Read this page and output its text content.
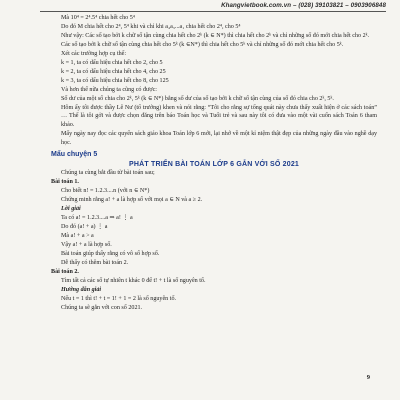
Khangvietbook.com.vn – (028) 39103821 – 0903906848
Mà 10⁴ = 2⁴.5⁴ chia hết cho 5⁴
Do đó M chia hết cho 2⁴, 5⁴ khi và chỉ khi a₄a₃...a₁ chia hết cho 2⁴, cho 5⁴
Như vậy: Các số tạo bởi k chữ số tận cùng chia hết cho 2ᵏ (k ∈ N*) thì chia hết cho 2ᵏ và chỉ những số đó mới chia hết cho 2ᵏ.
Các số tạo bởi k chữ số tận cùng chia hết cho 5ᵏ (k ∈N*) thì chia hết cho 5ᵏ và chỉ những số đó mới chia hết cho 5ᵏ.
Xét các trường hợp cụ thể:
k = 1, ta có dấu hiệu chia hết cho 2, cho 5
k = 2, ta có dấu hiệu chia hết cho 4, cho 25
k = 3, ta có dấu hiệu chia hết cho 8, cho 125
Và hơn thế nữa chúng ta cũng có được:
Số dư của một số chia cho 2ᵏ, 5ᵏ (k ∈ N*) bằng số dư của số tạo bởi k chữ số tận cùng của số đó chia cho 2ᵏ, 5ᵏ.
Hôm ấy tôi được thầy Lê Nư (tổ trưởng) khen và nói rằng: “Tôi cho rằng sự tổng quát này chưa thấy xuất hiện ở các sách toán” … Thế là tôi gởi và được chọn đăng trên báo Toán học và Tuổi trẻ và sau này tôi có đưa vào một vài cuốn sách Toán 6 tham khảo.
Mấy ngày nay đọc các quyển sách giáo khoa Toán lớp 6 mới, lại nhớ về một kỉ niệm thật đẹp của những ngày đầu vào nghề dạy học.
Mẩu chuyện 5
PHÁT TRIỂN BÀI TOÁN LỚP 6 GẮN VỚI SỐ 2021
Chúng ta cùng bắt đầu từ bài toán sau;
Bài toán 1.
Cho biết n! = 1.2.3....n (với n ∈ N*)
Chứng minh rằng a! + a là hợp số với mọi a ∈ N và a ≥ 2.
Lời giải
Ta có a! = 1.2.3....a ⇒ a! ⋮ a
Do đó (a! + a) ⋮ a
Mà a! + a > a
Vậy a! + a là hợp số.
Bài toán giúp thấy rằng có vô số hợp số.
Dễ thấy có thêm bài toán 2.
Bài toán 2.
Tìm tất cả các số tự nhiên t khác 0 để t! + t là số nguyên tố.
Hướng dẫn giải
Nếu t = 1 thì t! + t = 1! + 1 = 2 là số nguyên tố.
Chúng ta sẽ gắn với con số 2021.
9
